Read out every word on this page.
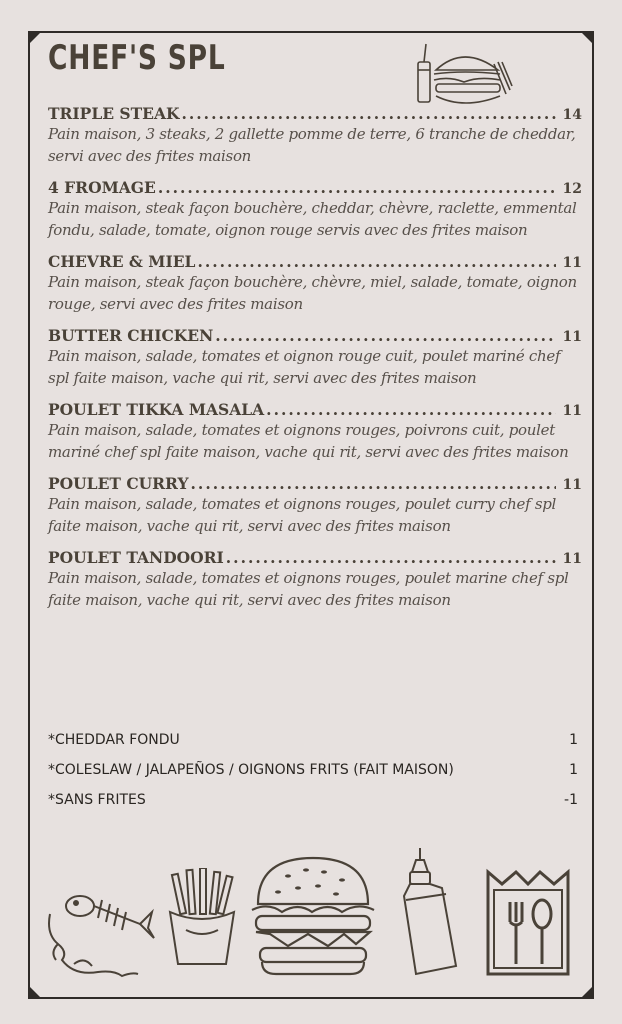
CHEF'S SPL
TRIPLE STEAK .....	14
Pain maison, 3 steaks, 2 gallette pomme de terre, 6 tranche de cheddar, servi avec des frites maison
4 FROMAGE .....	12
Pain maison, steak façon bouchère, cheddar, chèvre, raclette, emmental fondu, salade, tomate, oignon rouge servis avec des frites maison
CHEVRE & MIEL .....	11
Pain maison, steak façon bouchère, chèvre, miel, salade, tomate, oignon rouge, servi avec des frites maison
BUTTER CHICKEN .....	11
Pain maison, salade, tomates et oignon rouge cuit, poulet mariné chef spl faite maison, vache qui rit, servi avec des frites maison
POULET TIKKA MASALA .....	11
Pain maison, salade, tomates et oignons rouges, poivrons cuit, poulet mariné chef spl faite maison, vache qui rit, servi avec des frites maison
POULET CURRY .....	11
Pain maison, salade, tomates et oignons rouges, poulet curry chef spl faite maison, vache qui rit, servi avec des frites maison
POULET TANDOORI .....	11
Pain maison, salade, tomates et oignons rouges, poulet marine chef spl faite maison, vache qui rit, servi avec des frites maison
*CHEDDAR FONDU	1
*COLESLAW / JALAPEÑOS / OIGNONS FRITS (FAIT MAISON)	1
*SANS FRITES	-1
